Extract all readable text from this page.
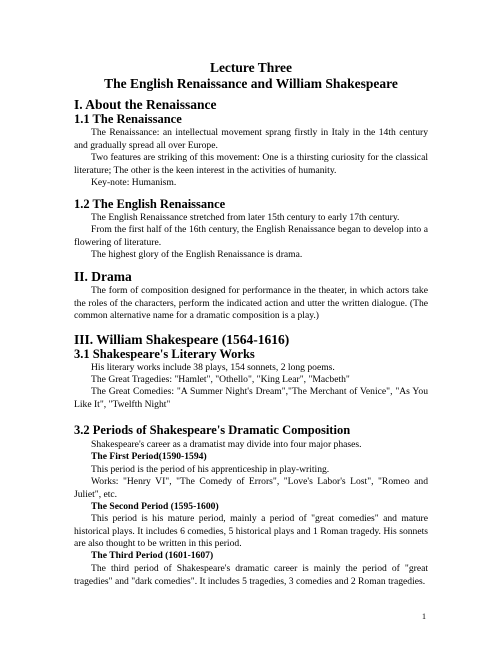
Lecture Three

The English Renaissance and William Shakespeare

I. About the Renaissance

1.1 The Renaissance

The Renaissance: an intellectual movement sprang firstly in Italy in the 14th century and gradually spread all over Europe.

Two features are striking of this movement: One is a thirsting curiosity for the classical literature; The other is the keen interest in the activities of humanity.

Key-note: Humanism.

1.2 The English Renaissance

The English Renaissance stretched from later 15th century to early 17th century.

From the first half of the 16th century, the English Renaissance began to develop into a flowering of literature.

The highest glory of the English Renaissance is drama.

II. Drama

The form of composition designed for performance in the theater, in which actors take the roles of the characters, perform the indicated action and utter the written dialogue. (The common alternative name for a dramatic composition is a play.)

III. William Shakespeare (1564-1616)

3.1 Shakespeare's Literary Works

His literary works include 38 plays, 154 sonnets, 2 long poems.

The Great Tragedies: "Hamlet", "Othello", "King Lear", "Macbeth"

The Great Comedies: "A Summer Night's Dream","The Merchant of Venice", "As You Like It", "Twelfth Night"

3.2 Periods of Shakespeare's Dramatic Composition

Shakespeare's career as a dramatist may divide into four major phases.

The First Period(1590-1594)

This period is the period of his apprenticeship in play-writing.

Works: "Henry VI", "The Comedy of Errors", "Love's Labor's Lost", "Romeo and Juliet", etc.

The Second Period (1595-1600)

This period is his mature period, mainly a period of "great comedies" and mature historical plays. It includes 6 comedies, 5 historical plays and 1 Roman tragedy. His sonnets are also thought to be written in this period.

The Third Period (1601-1607)

The third period of Shakespeare's dramatic career is mainly the period of "great tragedies" and "dark comedies". It includes 5 tragedies, 3 comedies and 2 Roman tragedies.

1
